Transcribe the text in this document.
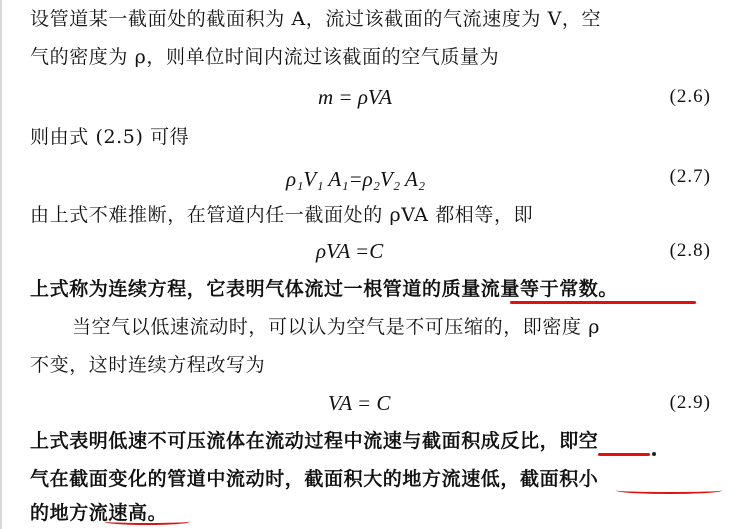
设管道某一截面处的截面积为 A，流过该截面的气流速度为 V，空
气的密度为 ρ，则单位时间内流过该截面的空气质量为
m = ρVA	(2.6)
则由式 (2.5) 可得
ρ₁V₁ A₁=ρ₂V₂ A₂	(2.7)
由上式不难推断，在管道内任一截面处的 ρVA 都相等，即
ρVA =C	(2.8)
上式称为连续方程，它表明气体流过一根管道的质量流量等于常数。
当空气以低速流动时，可以认为空气是不可压缩的，即密度 ρ
不变，这时连续方程改写为
VA = C	(2.9)
上式表明低速不可压流体在流动过程中流速与截面积成反比，即空
气在截面变化的管道中流动时，截面积大的地方流速低，截面积小
的地方流速高。
